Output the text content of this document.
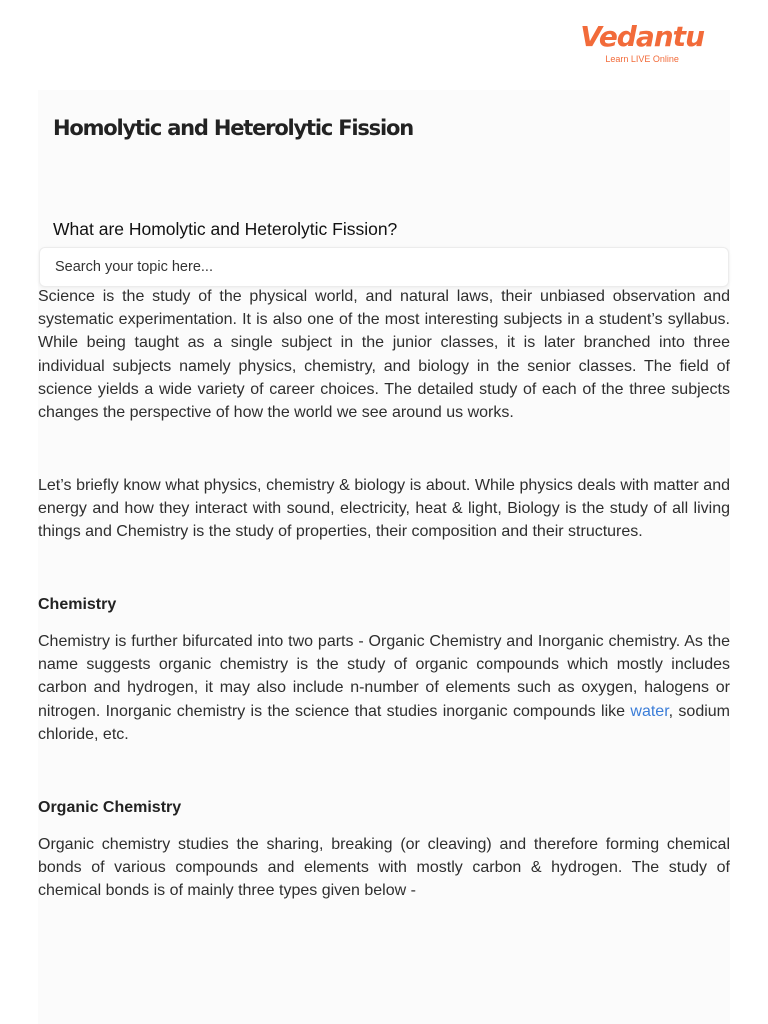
Vedantu
Learn LIVE Online
Homolytic and Heterolytic Fission
What are Homolytic and Heterolytic Fission?
Search your topic here...

Science is the study of the physical world, and natural laws, their unbiased observation and systematic experimentation. It is also one of the most interesting subjects in a student’s syllabus. While being taught as a single subject in the junior classes, it is later branched into three individual subjects namely physics, chemistry, and biology in the senior classes. The field of science yields a wide variety of career choices. The detailed study of each of the three subjects changes the perspective of how the world we see around us works.

Let’s briefly know what physics, chemistry & biology is about. While physics deals with matter and energy and how they interact with sound, electricity, heat & light, Biology is the study of all living things and Chemistry is the study of properties, their composition and their structures.

Chemistry

Chemistry is further bifurcated into two parts - Organic Chemistry and Inorganic chemistry. As the name suggests organic chemistry is the study of organic compounds which mostly includes carbon and hydrogen, it may also include n-number of elements such as oxygen, halogens or nitrogen. Inorganic chemistry is the science that studies inorganic compounds like water, sodium chloride, etc.

Organic Chemistry

Organic chemistry studies the sharing, breaking (or cleaving) and therefore forming chemical bonds of various compounds and elements with mostly carbon & hydrogen. The study of chemical bonds is of mainly three types given below -
